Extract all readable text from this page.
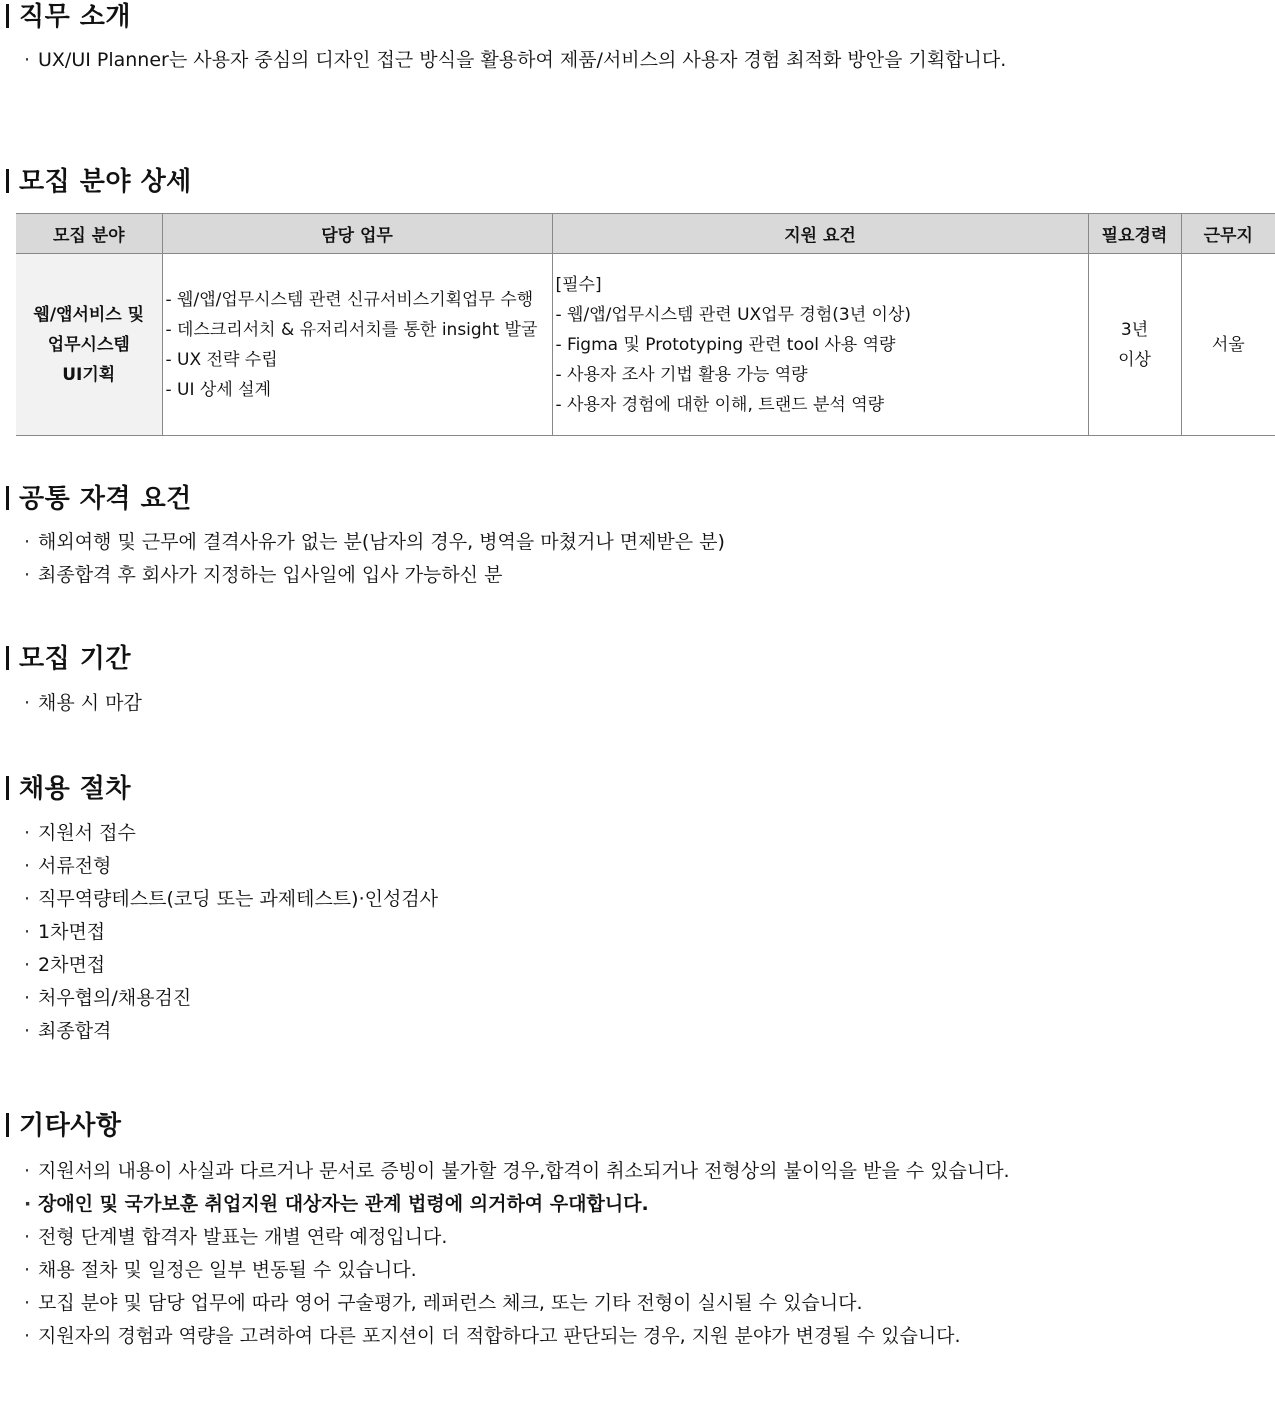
직무 소개
· UX/UI Planner는 사용자 중심의 디자인 접근 방식을 활용하여 제품/서비스의 사용자 경험 최적화 방안을 기획합니다.
모집 분야 상세
모집 분야	담당 업무	지원 요건	필요경력	근무지

웹/앱서비스 및
업무시스템
UI기획	- 웹/앱/업무시스템 관련 신규서비스기획업무 수행
- 데스크리서치 & 유저리서치를 통한 insight 발굴
- UX 전략 수립
- UI 상세 설계	[필수]
- 웹/앱/업무시스템 관련 UX업무 경험(3년 이상)
- Figma 및 Prototyping 관련 tool 사용 역량
- 사용자 조사 기법 활용 가능 역량
- 사용자 경험에 대한 이해, 트랜드 분석 역량	3년
이상	서울
공통 자격 요건
· 해외여행 및 근무에 결격사유가 없는 분(남자의 경우, 병역을 마쳤거나 면제받은 분)
· 최종합격 후 회사가 지정하는 입사일에 입사 가능하신 분
모집 기간
· 채용 시 마감
채용 절차
· 지원서 접수
· 서류전형
· 직무역량테스트(코딩 또는 과제테스트)·인성검사
· 1차면접
· 2차면접
· 처우협의/채용검진
· 최종합격
기타사항
· 지원서의 내용이 사실과 다르거나 문서로 증빙이 불가할 경우,합격이 취소되거나 전형상의 불이익을 받을 수 있습니다.
· 장애인 및 국가보훈 취업지원 대상자는 관계 법령에 의거하여 우대합니다.
· 전형 단계별 합격자 발표는 개별 연락 예정입니다.
· 채용 절차 및 일정은 일부 변동될 수 있습니다.
· 모집 분야 및 담당 업무에 따라 영어 구술평가, 레퍼런스 체크, 또는 기타 전형이 실시될 수 있습니다.
· 지원자의 경험과 역량을 고려하여 다른 포지션이 더 적합하다고 판단되는 경우, 지원 분야가 변경될 수 있습니다.
